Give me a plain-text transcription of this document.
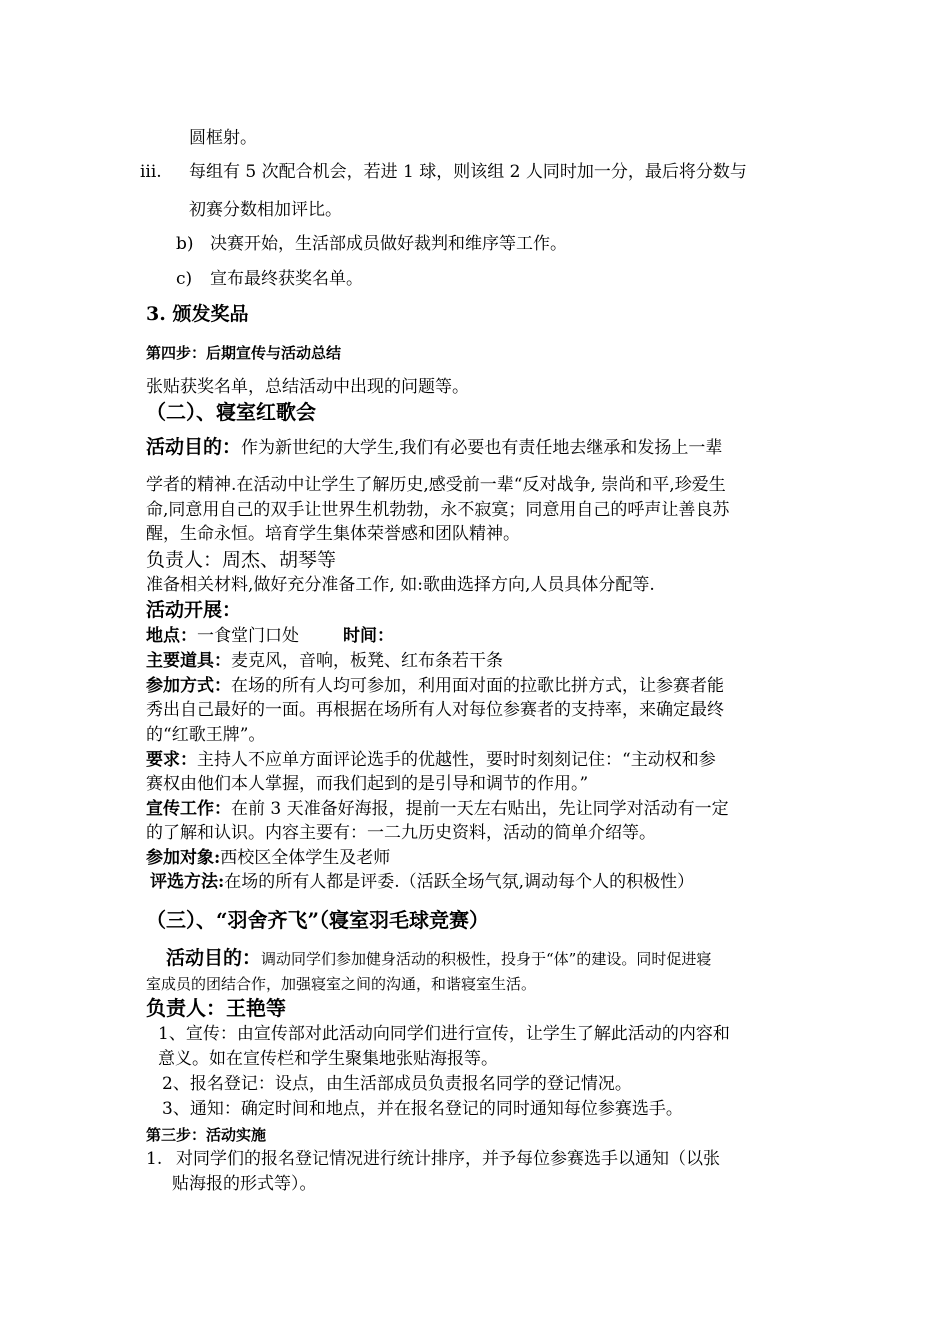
圆框射。
iii. 每组有 5 次配合机会，若进 1 球，则该组 2 人同时加一分，最后将分数与
初赛分数相加评比。
b) 决赛开始，生活部成员做好裁判和维序等工作。
c) 宣布最终获奖名单。
3. 颁发奖品
第四步：后期宣传与活动总结
张贴获奖名单，总结活动中出现的问题等。
（二）、寝室红歌会
活动目的：作为新世纪的大学生,我们有必要也有责任地去继承和发扬上一辈
学者的精神.在活动中让学生了解历史,感受前一辈“反对战争, 崇尚和平,珍爱生
命,同意用自己的双手让世界生机勃勃，永不寂寞；同意用自己的呼声让善良苏
醒，生命永恒。培育学生集体荣誉感和团队精神。
负责人：周杰、胡琴等
准备相关材料,做好充分准备工作, 如:歌曲选择方向,人员具体分配等.
活动开展：
地点：一食堂门口处	时间：
主要道具：麦克风，音响，板凳、红布条若干条
参加方式：在场的所有人均可参加，利用面对面的拉歌比拼方式，让参赛者能
秀出自己最好的一面。再根据在场所有人对每位参赛者的支持率，来确定最终
的“红歌王牌”。
要求：主持人不应单方面评论选手的优越性，要时时刻刻记住：“主动权和参
赛权由他们本人掌握，而我们起到的是引导和调节的作用。”
宣传工作：在前 3 天准备好海报，提前一天左右贴出，先让同学对活动有一定
的了解和认识。内容主要有：一二九历史资料，活动的简单介绍等。
参加对象:西校区全体学生及老师
评选方法:在场的所有人都是评委.（活跃全场气氛,调动每个人的积极性）
（三）、“羽舍齐飞”（寝室羽毛球竞赛）
活动目的：调动同学们参加健身活动的积极性，投身于“体”的建设。同时促进寝
室成员的团结合作，加强寝室之间的沟通，和谐寝室生活。
负责人：王艳等
1、宣传：由宣传部对此活动向同学们进行宣传，让学生了解此活动的内容和
意义。如在宣传栏和学生聚集地张贴海报等。
2、报名登记：设点，由生活部成员负责报名同学的登记情况。
3、通知：确定时间和地点，并在报名登记的同时通知每位参赛选手。
第三步：活动实施
1. 对同学们的报名登记情况进行统计排序，并予每位参赛选手以通知（以张
贴海报的形式等）。
